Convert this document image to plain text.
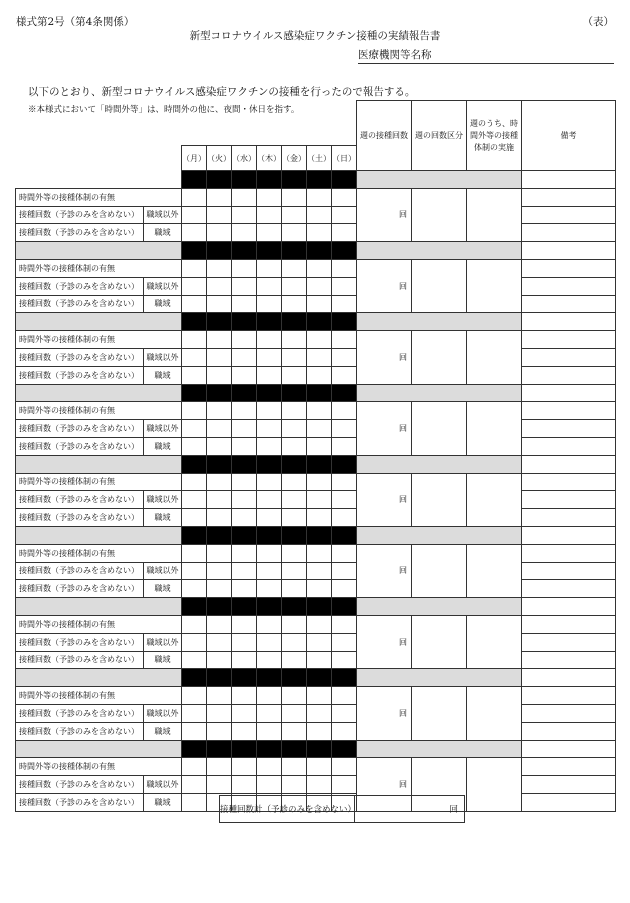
様式第2号（第4条関係）	（表）
新型コロナウイルス感染症ワクチン接種の実績報告書
医療機関等名称
									週の接種回数	週の回数区分	週のうち、時間外等の接種体制の実施	備考
		（月）	（火）	（水）	（木）	（金）	（土）	（日）				

時間外等の接種体制の有無									回			
接種回数（予診のみを含めない）	職域以外											
接種回数（予診のみを含めない）	職域											

時間外等の接種体制の有無									回			
接種回数（予診のみを含めない）	職域以外											
接種回数（予診のみを含めない）	職域											

時間外等の接種体制の有無									回			
接種回数（予診のみを含めない）	職域以外											
接種回数（予診のみを含めない）	職域											

時間外等の接種体制の有無									回			
接種回数（予診のみを含めない）	職域以外											
接種回数（予診のみを含めない）	職域											

時間外等の接種体制の有無									回			
接種回数（予診のみを含めない）	職域以外											
接種回数（予診のみを含めない）	職域											

時間外等の接種体制の有無									回			
接種回数（予診のみを含めない）	職域以外											
接種回数（予診のみを含めない）	職域											

時間外等の接種体制の有無									回			
接種回数（予診のみを含めない）	職域以外											
接種回数（予診のみを含めない）	職域											

時間外等の接種体制の有無									回			
接種回数（予診のみを含めない）	職域以外											
接種回数（予診のみを含めない）	職域											

時間外等の接種体制の有無									回			
接種回数（予診のみを含めない）	職域以外											
接種回数（予診のみを含めない）	職域											
以下のとおり、新型コロナウイルス感染症ワクチンの接種を行ったので報告する。
※本様式において「時間外等」は、時間外の他に、夜間・休日を指す。
接種回数計（予診のみを含めない）	回
